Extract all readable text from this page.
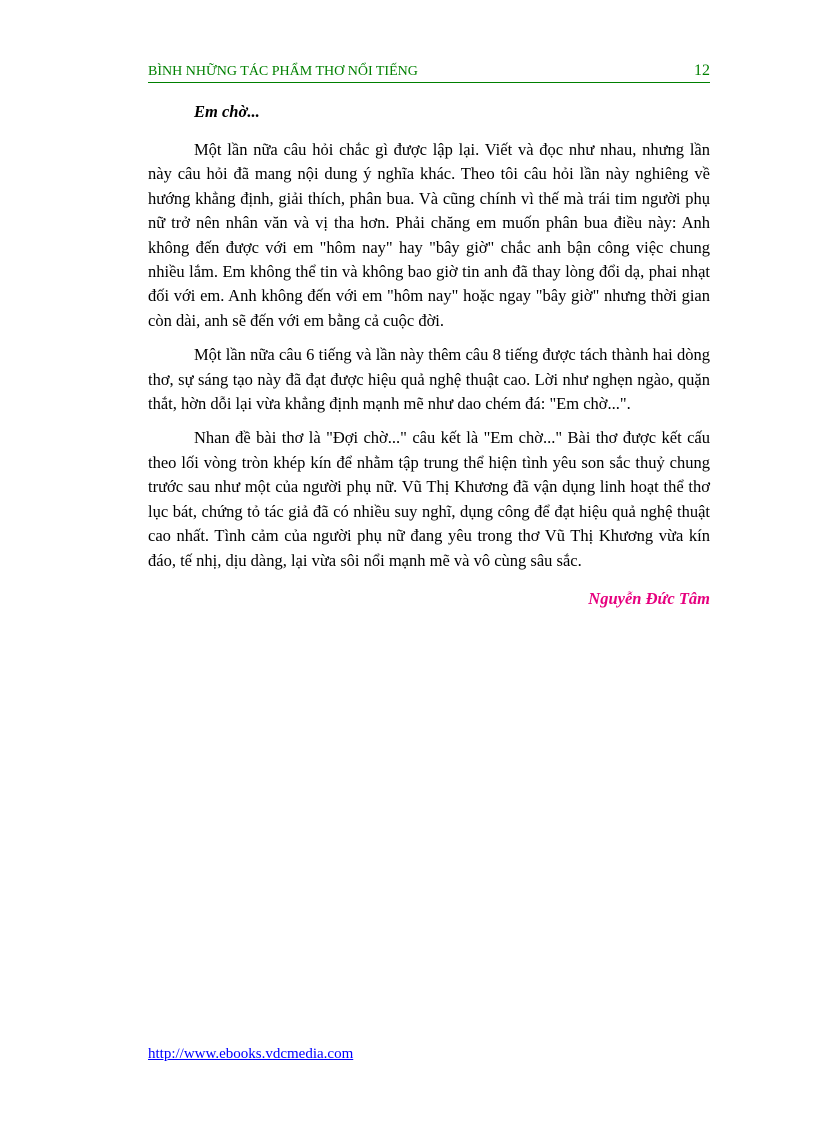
BÌNH NHỮNG TÁC PHẨM THƠ NỔI TIẾNG	12

Em chờ...

Một lần nữa câu hỏi chắc gì được lập lại. Viết và đọc như nhau, nhưng lần này câu hỏi đã mang nội dung ý nghĩa khác. Theo tôi câu hỏi lần này nghiêng về hướng khẳng định, giải thích, phân bua. Và cũng chính vì thế mà trái tim người phụ nữ trở nên nhân văn và vị tha hơn. Phải chăng em muốn phân bua điều này: Anh không đến được với em "hôm nay" hay "bây giờ" chắc anh bận công việc chung nhiều lắm. Em không thể tin và không bao giờ tin anh đã thay lòng đổi dạ, phai nhạt đối với em. Anh không đến với em "hôm nay" hoặc ngay "bây giờ" nhưng thời gian còn dài, anh sẽ đến với em bằng cả cuộc đời.

Một lần nữa câu 6 tiếng và lần này thêm câu 8 tiếng được tách thành hai dòng thơ, sự sáng tạo này đã đạt được hiệu quả nghệ thuật cao. Lời như nghẹn ngào, quặn thắt, hờn dỗi lại vừa khẳng định mạnh mẽ như dao chém đá: "Em chờ...".

Nhan đề bài thơ là "Đợi chờ..." câu kết là "Em chờ..." Bài thơ được kết cấu theo lối vòng tròn khép kín để nhằm tập trung thể hiện tình yêu son sắc thuỷ chung trước sau như một của người phụ nữ. Vũ Thị Khương đã vận dụng linh hoạt thể thơ lục bát, chứng tỏ tác giả đã có nhiều suy nghĩ, dụng công để đạt hiệu quả nghệ thuật cao nhất. Tình cảm của người phụ nữ đang yêu trong thơ Vũ Thị Khương vừa kín đáo, tế nhị, dịu dàng, lại vừa sôi nổi mạnh mẽ và vô cùng sâu sắc.

Nguyễn Đức Tâm
http://www.ebooks.vdcmedia.com
